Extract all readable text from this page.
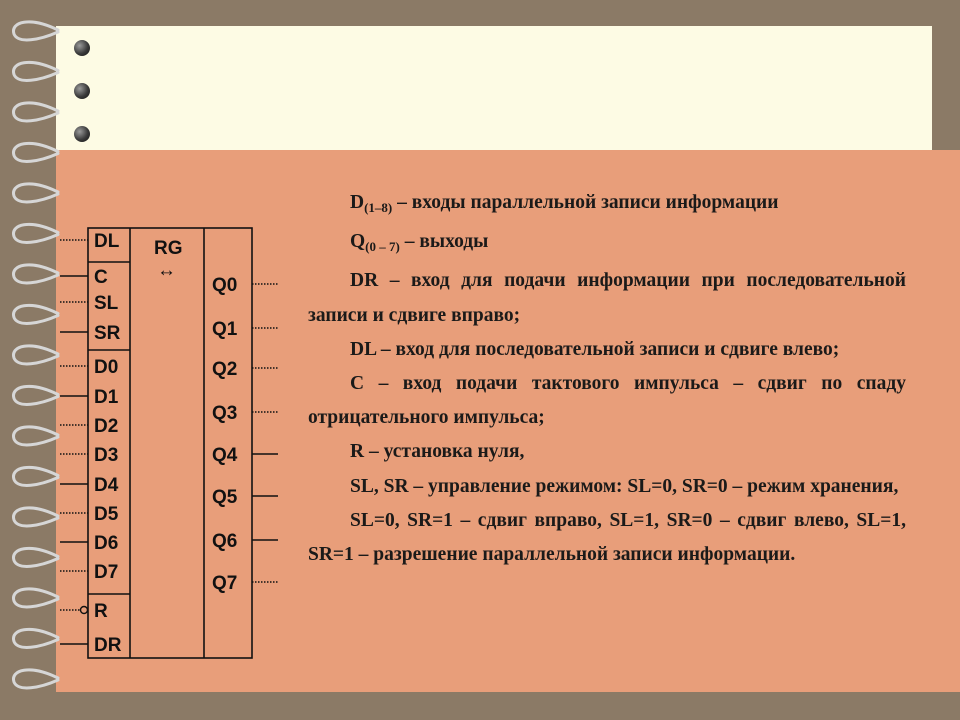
RG
↔
DL
C
SL
SR
D0
D1
D2
D3
D4
D5
D6
D7
R
DR
Q0
Q1
Q2
Q3
Q4
Q5
Q6
Q7

$D_{(1-8)}$ – входы параллельной записи информации

$Q_{(0 - 7)}$ – выходы

DR – вход для подачи информации при последовательной записи и сдвиге вправо;

DL – вход для последовательной записи и сдвиге влево;

C – вход подачи тактового импульса – сдвиг по спаду отрицательного импульса;

R – установка нуля,

SL, SR – управление режимом: SL=0, SR=0 – режим хранения,

SL=0, SR=1 – сдвиг вправо, SL=1, SR=0 – сдвиг влево, SL=1, SR=1 – разрешение параллельной записи информации.
